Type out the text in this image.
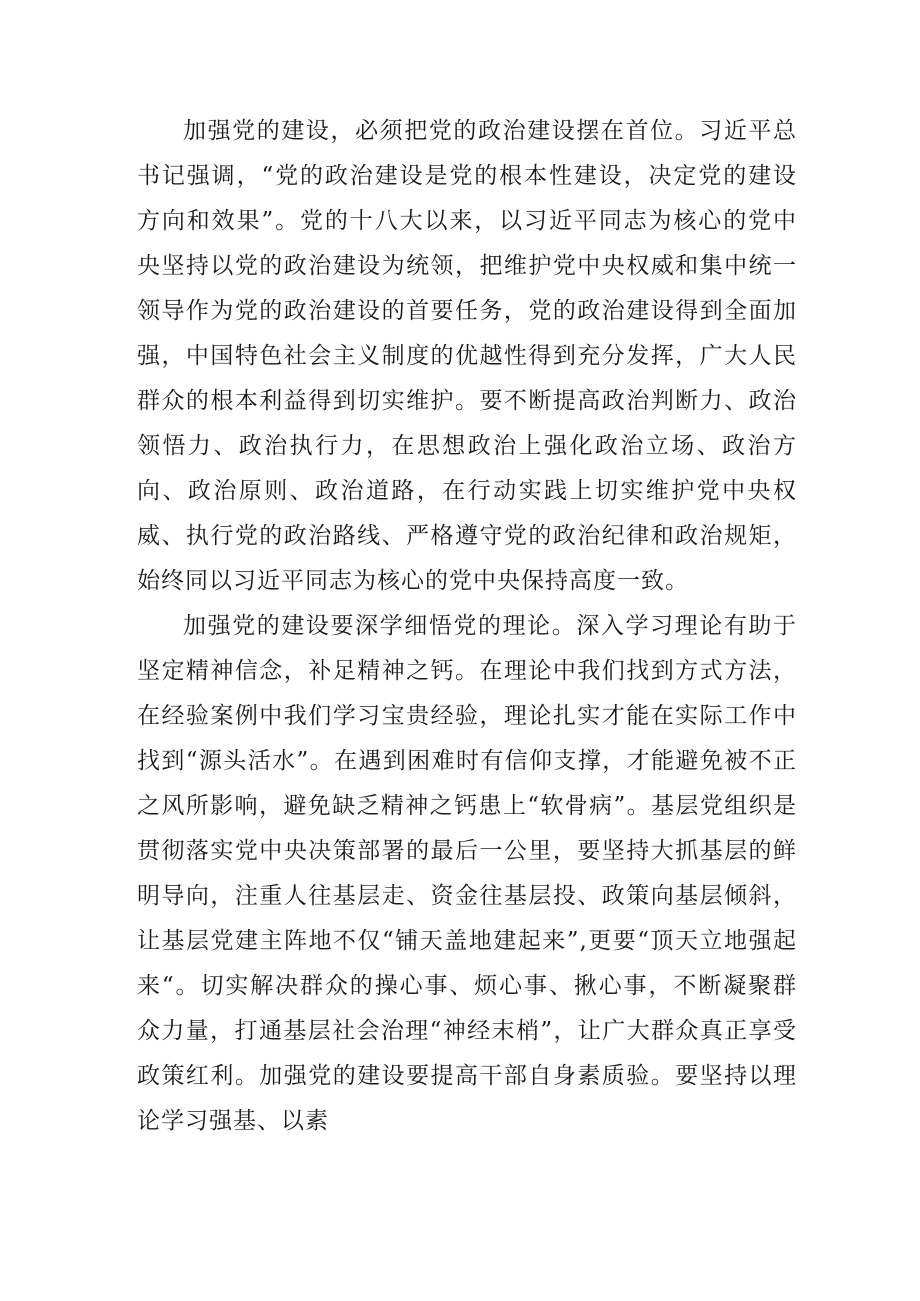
加强党的建设，必须把党的政治建设摆在首位。习近平总书记强调，“党的政治建设是党的根本性建设，决定党的建设方向和效果”。党的十八大以来，以习近平同志为核心的党中央坚持以党的政治建设为统领，把维护党中央权威和集中统一领导作为党的政治建设的首要任务，党的政治建设得到全面加强，中国特色社会主义制度的优越性得到充分发挥，广大人民群众的根本利益得到切实维护。要不断提高政治判断力、政治领悟力、政治执行力，在思想政治上强化政治立场、政治方向、政治原则、政治道路，在行动实践上切实维护党中央权威、执行党的政治路线、严格遵守党的政治纪律和政治规矩，始终同以习近平同志为核心的党中央保持高度一致。

加强党的建设要深学细悟党的理论。深入学习理论有助于坚定精神信念，补足精神之钙。在理论中我们找到方式方法，在经验案例中我们学习宝贵经验，理论扎实才能在实际工作中找到“源头活水”。在遇到困难时有信仰支撑，才能避免被不正之风所影响，避免缺乏精神之钙患上“软骨病”。基层党组织是贯彻落实党中央决策部署的最后一公里，要坚持大抓基层的鲜明导向，注重人往基层走、资金往基层投、政策向基层倾斜，让基层党建主阵地不仅“铺天盖地建起来”,更要“顶天立地强起来“。切实解决群众的操心事、烦心事、揪心事，不断凝聚群众力量，打通基层社会治理“神经末梢”，让广大群众真正享受政策红利。加强党的建设要提高干部自身素质验。要坚持以理论学习强基、以素
